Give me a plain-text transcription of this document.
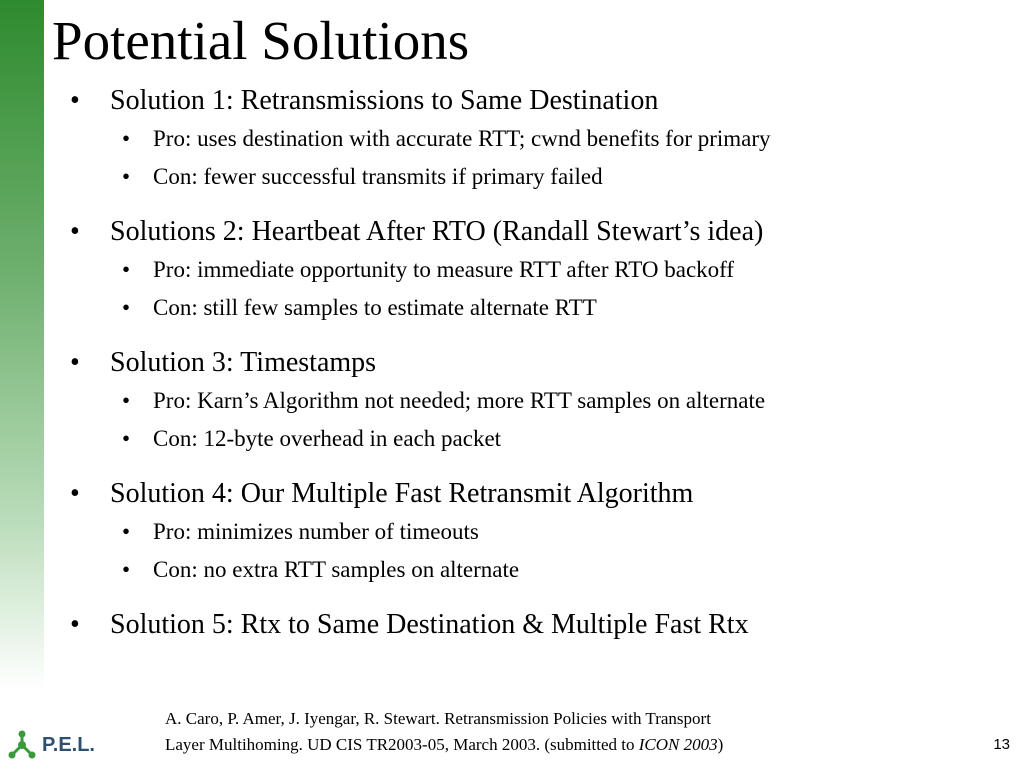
Potential Solutions
• Solution 1: Retransmissions to Same Destination
• Pro: uses destination with accurate RTT; cwnd benefits for primary
• Con: fewer successful transmits if primary failed
• Solutions 2: Heartbeat After RTO (Randall Stewart’s idea)
• Pro: immediate opportunity to measure RTT after RTO backoff
• Con: still few samples to estimate alternate RTT
• Solution 3: Timestamps
• Pro: Karn’s Algorithm not needed; more RTT samples on alternate
• Con: 12-byte overhead in each packet
• Solution 4: Our Multiple Fast Retransmit Algorithm
• Pro: minimizes number of timeouts
• Con: no extra RTT samples on alternate
• Solution 5: Rtx to Same Destination & Multiple Fast Rtx
A. Caro, P. Amer, J. Iyengar, R. Stewart. Retransmission Policies with Transport
Layer Multihoming. UD CIS TR2003-05, March 2003. (submitted to ICON 2003)
P.E.L.	13
